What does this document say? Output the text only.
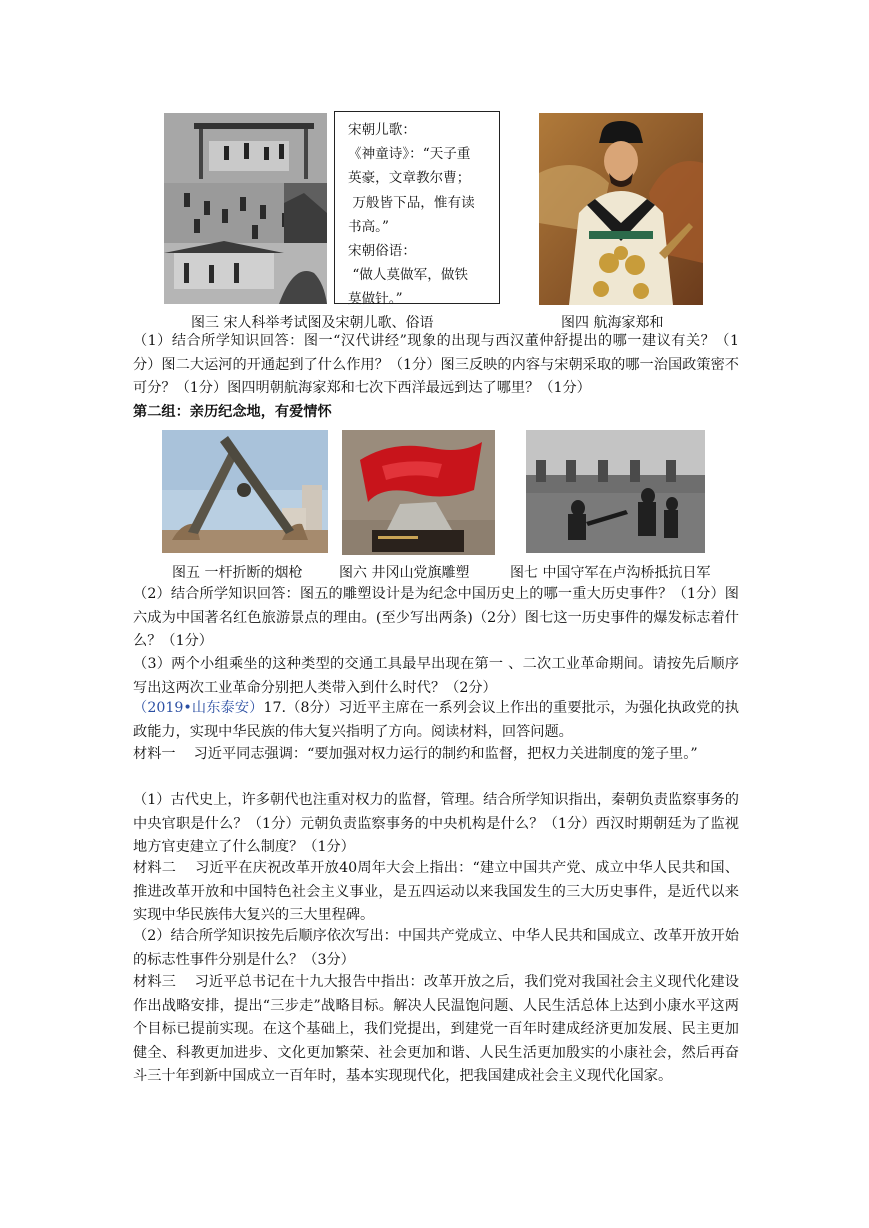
宋朝儿歌：
《神童诗》：“天子重
英豪，文章教尔曹；
万般皆下品，惟有读
书高。”
宋朝俗语：
“做人莫做军，做铁
莫做针。”
图三 宋人科举考试图及宋朝儿歌、俗语	图四 航海家郑和
（1）结合所学知识回答：图一“汉代讲经”现象的出现与西汉董仲舒提出的哪一建议有关？（1分）图二大运河的开通起到了什么作用？（1分）图三反映的内容与宋朝采取的哪一治国政策密不可分？（1分）图四明朝航海家郑和七次下西洋最远到达了哪里？（1分）
第二组：亲历纪念地，有爱情怀
图五 一杆折断的烟枪	图六 井冈山党旗雕塑	图七 中国守军在卢沟桥抵抗日军
（2）结合所学知识回答：图五的雕塑设计是为纪念中国历史上的哪一重大历史事件？（1分）图六成为中国著名红色旅游景点的理由。(至少写出两条)（2分）图七这一历史事件的爆发标志着什么？（1分）
（3）两个小组乘坐的这种类型的交通工具最早出现在第一 、二次工业革命期间。请按先后顺序写出这两次工业革命分别把人类带入到什么时代？（2分）
（2019•山东泰安）17.（8分）习近平主席在一系列会议上作出的重要批示，为强化执政党的执政能力，实现中华民族的伟大复兴指明了方向。阅读材料，回答问题。
材料一    习近平同志强调：“要加强对权力运行的制约和监督，把权力关进制度的笼子里。”
（1）古代史上，许多朝代也注重对权力的监督，管理。结合所学知识指出，秦朝负责监察事务的中央官职是什么？（1分）元朝负责监察事务的中央机构是什么？（1分）西汉时期朝廷为了监视地方官吏建立了什么制度？（1分）
材料二    习近平在庆祝改革开放40周年大会上指出：“建立中国共产党、成立中华人民共和国、推进改革开放和中国特色社会主义事业，是五四运动以来我国发生的三大历史事件，是近代以来实现中华民族伟大复兴的三大里程碑。
（2）结合所学知识按先后顺序依次写出：中国共产党成立、中华人民共和国成立、改革开放开始的标志性事件分别是什么？（3分）
材料三    习近平总书记在十九大报告中指出：改革开放之后，我们党对我国社会主义现代化建设作出战略安排，提出“三步走”战略目标。解决人民温饱问题、人民生活总体上达到小康水平这两个目标已提前实现。在这个基础上，我们党提出，到建党一百年时建成经济更加发展、民主更加健全、科教更加进步、文化更加繁荣、社会更加和谐、人民生活更加殷实的小康社会，然后再奋斗三十年到新中国成立一百年时，基本实现现代化，把我国建成社会主义现代化国家。
